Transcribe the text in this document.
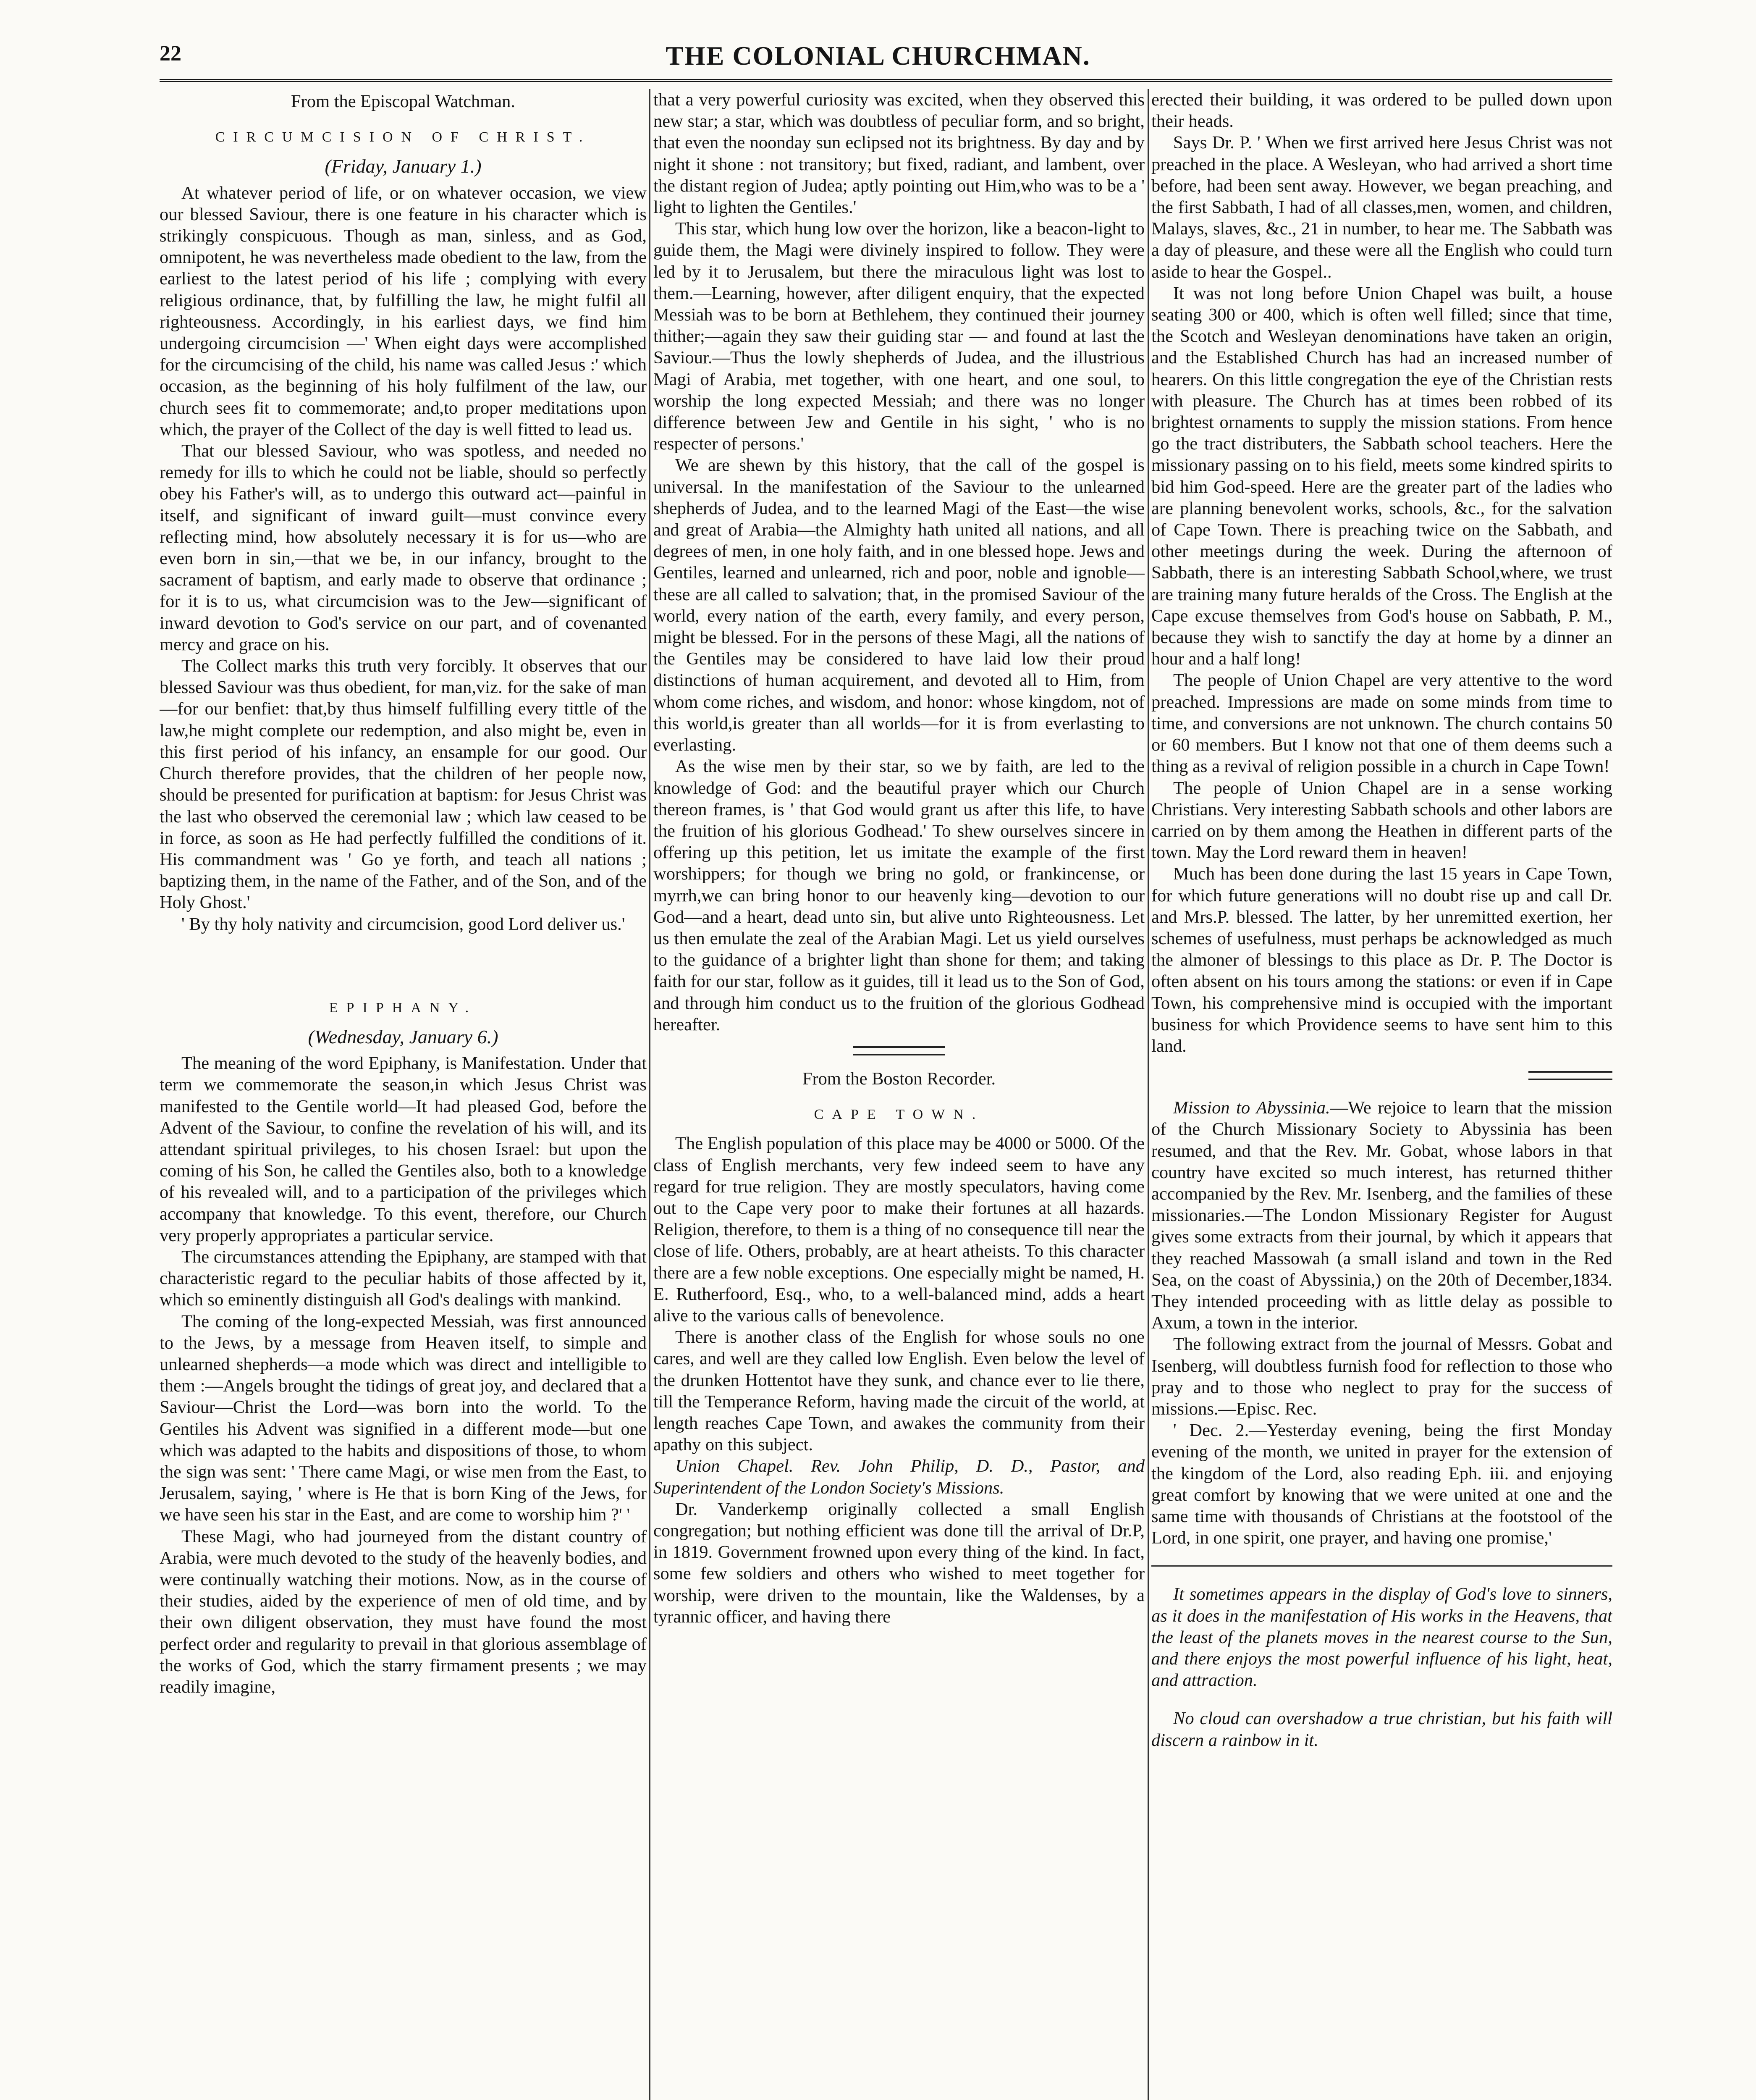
22	THE COLONIAL CHURCHMAN.

From the Episcopal Watchman.

CIRCUMCISION OF CHRIST.

(Friday, January 1.)

At whatever period of life, or on whatever occasion, we view our blessed Saviour, there is one feature in his character which is strikingly conspicuous. Though as man, sinless, and as God, omnipotent, he was nevertheless made obedient to the law, from the earliest to the latest period of his life ; complying with every religious ordinance, that, by fulfilling the law, he might fulfil all righteousness. Accordingly, in his earliest days, we find him undergoing circumcision —' When eight days were accomplished for the circumcising of the child, his name was called Jesus :' which occasion, as the beginning of his holy fulfilment of the law, our church sees fit to commemorate; and,to proper meditations upon which, the prayer of the Collect of the day is well fitted to lead us.

That our blessed Saviour, who was spotless, and needed no remedy for ills to which he could not be liable, should so perfectly obey his Father's will, as to undergo this outward act—painful in itself, and significant of inward guilt—must convince every reflecting mind, how absolutely necessary it is for us—who are even born in sin,—that we be, in our infancy, brought to the sacrament of baptism, and early made to observe that ordinance ; for it is to us, what circumcision was to the Jew—significant of inward devotion to God's service on our part, and of covenanted mercy and grace on his.

The Collect marks this truth very forcibly. It observes that our blessed Saviour was thus obedient, for man,viz. for the sake of man—for our benfiet: that,by thus himself fulfilling every tittle of the law,he might complete our redemption, and also might be, even in this first period of his infancy, an ensample for our good. Our Church therefore provides, that the children of her people now, should be presented for purification at baptism: for Jesus Christ was the last who observed the ceremonial law ; which law ceased to be in force, as soon as He had perfectly fulfilled the conditions of it. His commandment was ' Go ye forth, and teach all nations ; baptizing them, in the name of the Father, and of the Son, and of the Holy Ghost.'

' By thy holy nativity and circumcision, good Lord deliver us.'

EPIPHANY.

(Wednesday, January 6.)

The meaning of the word Epiphany, is Manifestation. Under that term we commemorate the season,in which Jesus Christ was manifested to the Gentile world—It had pleased God, before the Advent of the Saviour, to confine the revelation of his will, and its attendant spiritual privileges, to his chosen Israel: but upon the coming of his Son, he called the Gentiles also, both to a knowledge of his revealed will, and to a participation of the privileges which accompany that knowledge. To this event, therefore, our Church very properly appropriates a particular service.

The circumstances attending the Epiphany, are stamped with that characteristic regard to the peculiar habits of those affected by it, which so eminently distinguish all God's dealings with mankind.

The coming of the long-expected Messiah, was first announced to the Jews, by a message from Heaven itself, to simple and unlearned shepherds—a mode which was direct and intelligible to them :—Angels brought the tidings of great joy, and declared that a Saviour—Christ the Lord—was born into the world. To the Gentiles his Advent was signified in a different mode—but one which was adapted to the habits and dispositions of those, to whom the sign was sent: ' There came Magi, or wise men from the East, to Jerusalem, saying, ' where is He that is born King of the Jews, for we have seen his star in the East, and are come to worship him ?' '

These Magi, who had journeyed from the distant country of Arabia, were much devoted to the study of the heavenly bodies, and were continually watching their motions. Now, as in the course of their studies, aided by the experience of men of old time, and by their own diligent observation, they must have found the most perfect order and regularity to prevail in that glorious assemblage of the works of God, which the starry firmament presents ; we may readily imagine,

that a very powerful curiosity was excited, when they observed this new star; a star, which was doubtless of peculiar form, and so bright, that even the noonday sun eclipsed not its brightness. By day and by night it shone : not transitory; but fixed, radiant, and lambent, over the distant region of Judea; aptly pointing out Him,who was to be a ' light to lighten the Gentiles.'

This star, which hung low over the horizon, like a beacon-light to guide them, the Magi were divinely inspired to follow. They were led by it to Jerusalem, but there the miraculous light was lost to them.—Learning, however, after diligent enquiry, that the expected Messiah was to be born at Bethlehem, they continued their journey thither;—again they saw their guiding star — and found at last the Saviour.—Thus the lowly shepherds of Judea, and the illustrious Magi of Arabia, met together, with one heart, and one soul, to worship the long expected Messiah; and there was no longer difference between Jew and Gentile in his sight, ' who is no respecter of persons.'

We are shewn by this history, that the call of the gospel is universal. In the manifestation of the Saviour to the unlearned shepherds of Judea, and to the learned Magi of the East—the wise and great of Arabia—the Almighty hath united all nations, and all degrees of men, in one holy faith, and in one blessed hope. Jews and Gentiles, learned and unlearned, rich and poor, noble and ignoble—these are all called to salvation; that, in the promised Saviour of the world, every nation of the earth, every family, and every person, might be blessed. For in the persons of these Magi, all the nations of the Gentiles may be considered to have laid low their proud distinctions of human acquirement, and devoted all to Him, from whom come riches, and wisdom, and honor: whose kingdom, not of this world,is greater than all worlds—for it is from everlasting to everlasting.

As the wise men by their star, so we by faith, are led to the knowledge of God: and the beautiful prayer which our Church thereon frames, is ' that God would grant us after this life, to have the fruition of his glorious Godhead.' To shew ourselves sincere in offering up this petition, let us imitate the example of the first worshippers; for though we bring no gold, or frankincense, or myrrh,we can bring honor to our heavenly king—devotion to our God—and a heart, dead unto sin, but alive unto Righteousness. Let us then emulate the zeal of the Arabian Magi. Let us yield ourselves to the guidance of a brighter light than shone for them; and taking faith for our star, follow as it guides, till it lead us to the Son of God, and through him conduct us to the fruition of the glorious Godhead hereafter.

From the Boston Recorder.

CAPE TOWN.

The English population of this place may be 4000 or 5000. Of the class of English merchants, very few indeed seem to have any regard for true religion. They are mostly speculators, having come out to the Cape very poor to make their fortunes at all hazards. Religion, therefore, to them is a thing of no consequence till near the close of life. Others, probably, are at heart atheists. To this character there are a few noble exceptions. One especially might be named, H. E. Rutherfoord, Esq., who, to a well-balanced mind, adds a heart alive to the various calls of benevolence.

There is another class of the English for whose souls no one cares, and well are they called low English. Even below the level of the drunken Hottentot have they sunk, and chance ever to lie there, till the Temperance Reform, having made the circuit of the world, at length reaches Cape Town, and awakes the community from their apathy on this subject.

Union Chapel. Rev. John Philip, D. D., Pastor, and Superintendent of the London Society's Missions.

Dr. Vanderkemp originally collected a small English congregation; but nothing efficient was done till the arrival of Dr.P, in 1819. Government frowned upon every thing of the kind. In fact, some few soldiers and others who wished to meet together for worship, were driven to the mountain, like the Waldenses, by a tyrannic officer, and having there

erected their building, it was ordered to be pulled down upon their heads.

Says Dr. P. ' When we first arrived here Jesus Christ was not preached in the place. A Wesleyan, who had arrived a short time before, had been sent away. However, we began preaching, and the first Sabbath, I had of all classes,men, women, and children, Malays, slaves, &c., 21 in number, to hear me. The Sabbath was a day of pleasure, and these were all the English who could turn aside to hear the Gospel..

It was not long before Union Chapel was built, a house seating 300 or 400, which is often well filled; since that time, the Scotch and Wesleyan denominations have taken an origin, and the Established Church has had an increased number of hearers. On this little congregation the eye of the Christian rests with pleasure. The Church has at times been robbed of its brightest ornaments to supply the mission stations. From hence go the tract distributers, the Sabbath school teachers. Here the missionary passing on to his field, meets some kindred spirits to bid him God-speed. Here are the greater part of the ladies who are planning benevolent works, schools, &c., for the salvation of Cape Town. There is preaching twice on the Sabbath, and other meetings during the week. During the afternoon of Sabbath, there is an interesting Sabbath School,where, we trust are training many future heralds of the Cross. The English at the Cape excuse themselves from God's house on Sabbath, P. M., because they wish to sanctify the day at home by a dinner an hour and a half long!

The people of Union Chapel are very attentive to the word preached. Impressions are made on some minds from time to time, and conversions are not unknown. The church contains 50 or 60 members. But I know not that one of them deems such a thing as a revival of religion possible in a church in Cape Town!

The people of Union Chapel are in a sense working Christians. Very interesting Sabbath schools and other labors are carried on by them among the Heathen in different parts of the town. May the Lord reward them in heaven!

Much has been done during the last 15 years in Cape Town, for which future generations will no doubt rise up and call Dr. and Mrs.P. blessed. The latter, by her unremitted exertion, her schemes of usefulness, must perhaps be acknowledged as much the almoner of blessings to this place as Dr. P. The Doctor is often absent on his tours among the stations: or even if in Cape Town, his comprehensive mind is occupied with the important business for which Providence seems to have sent him to this land.

Mission to Abyssinia.—We rejoice to learn that the mission of the Church Missionary Society to Abyssinia has been resumed, and that the Rev. Mr. Gobat, whose labors in that country have excited so much interest, has returned thither accompanied by the Rev. Mr. Isenberg, and the families of these missionaries.—The London Missionary Register for August gives some extracts from their journal, by which it appears that they reached Massowah (a small island and town in the Red Sea, on the coast of Abyssinia,) on the 20th of December,1834. They intended proceeding with as little delay as possible to Axum, a town in the interior.

The following extract from the journal of Messrs. Gobat and Isenberg, will doubtless furnish food for reflection to those who pray and to those who neglect to pray for the success of missions.—Episc. Rec.

' Dec. 2.—Yesterday evening, being the first Monday evening of the month, we united in prayer for the extension of the kingdom of the Lord, also reading Eph. iii. and enjoying great comfort by knowing that we were united at one and the same time with thousands of Christians at the footstool of the Lord, in one spirit, one prayer, and having one promise,'

It sometimes appears in the display of God's love to sinners, as it does in the manifestation of His works in the Heavens, that the least of the planets moves in the nearest course to the Sun, and there enjoys the most powerful influence of his light, heat, and attraction.

No cloud can overshadow a true christian, but his faith will discern a rainbow in it.
